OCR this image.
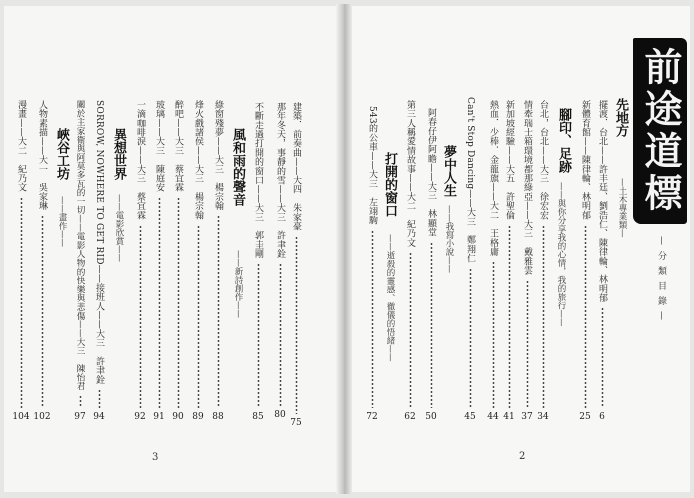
前途道標
—分類目錄—
先地方
—土木專業類—
擺渡．台北——許丰廷、劉浩仁、陳律輪、林明郁
6
新體育館——陳律輪、林明郁
25
腳印、足跡
——與你分享我的心情，我的旅行——
台北，台北——大三　徐宏宏
34
情牽瑞士箱環境都那綠亞——大三　戴雅雲
37
新加坡經驗——大五　許聖倫
41
熱血．少棒．金龍旗——大二　王格庸
44
Can't Stop Dancing——大三　鄭翔仁
45
夢中人生
——我寫小說——
阿春仔伊阿瞻——大三　林顯堂
50
第三人稱愛情故事——大二　紀乃文
62
打開的窗口
——逝殺的靈感、徹儀的悟緒——
543的公車——大三　左翊駒
72
2
建築．前奏曲——大四　朱家豪
75
那年冬天，事靜的雪——大三　許聿銓
80
不斷走過打開的窗口——大三　郭圭剛
85
風和雨的聲音
——新詩創作——
綠窗殘夢——大三　楊宗翰
88
烽火戲諸侯——大三　楊宗翰
89
醉吧——大三　蔡宜霖
90
玻璃——大三　陳庭安
91
一滴咖啡淚——大三　蔡宜霖
92
異想世界
——電影欣賞——
SORROW, NOWHERE TO GET RID——接班人——大三　許聿銓
94
關於主家衛與阿莫多瓦的一切——電影人物的快樂與悲傷——大三　陳怡君
97
峽谷工坊
——畫作——
人物素描——大一　吳家琳
102
漫畫——大二　紀乃文
104
3
